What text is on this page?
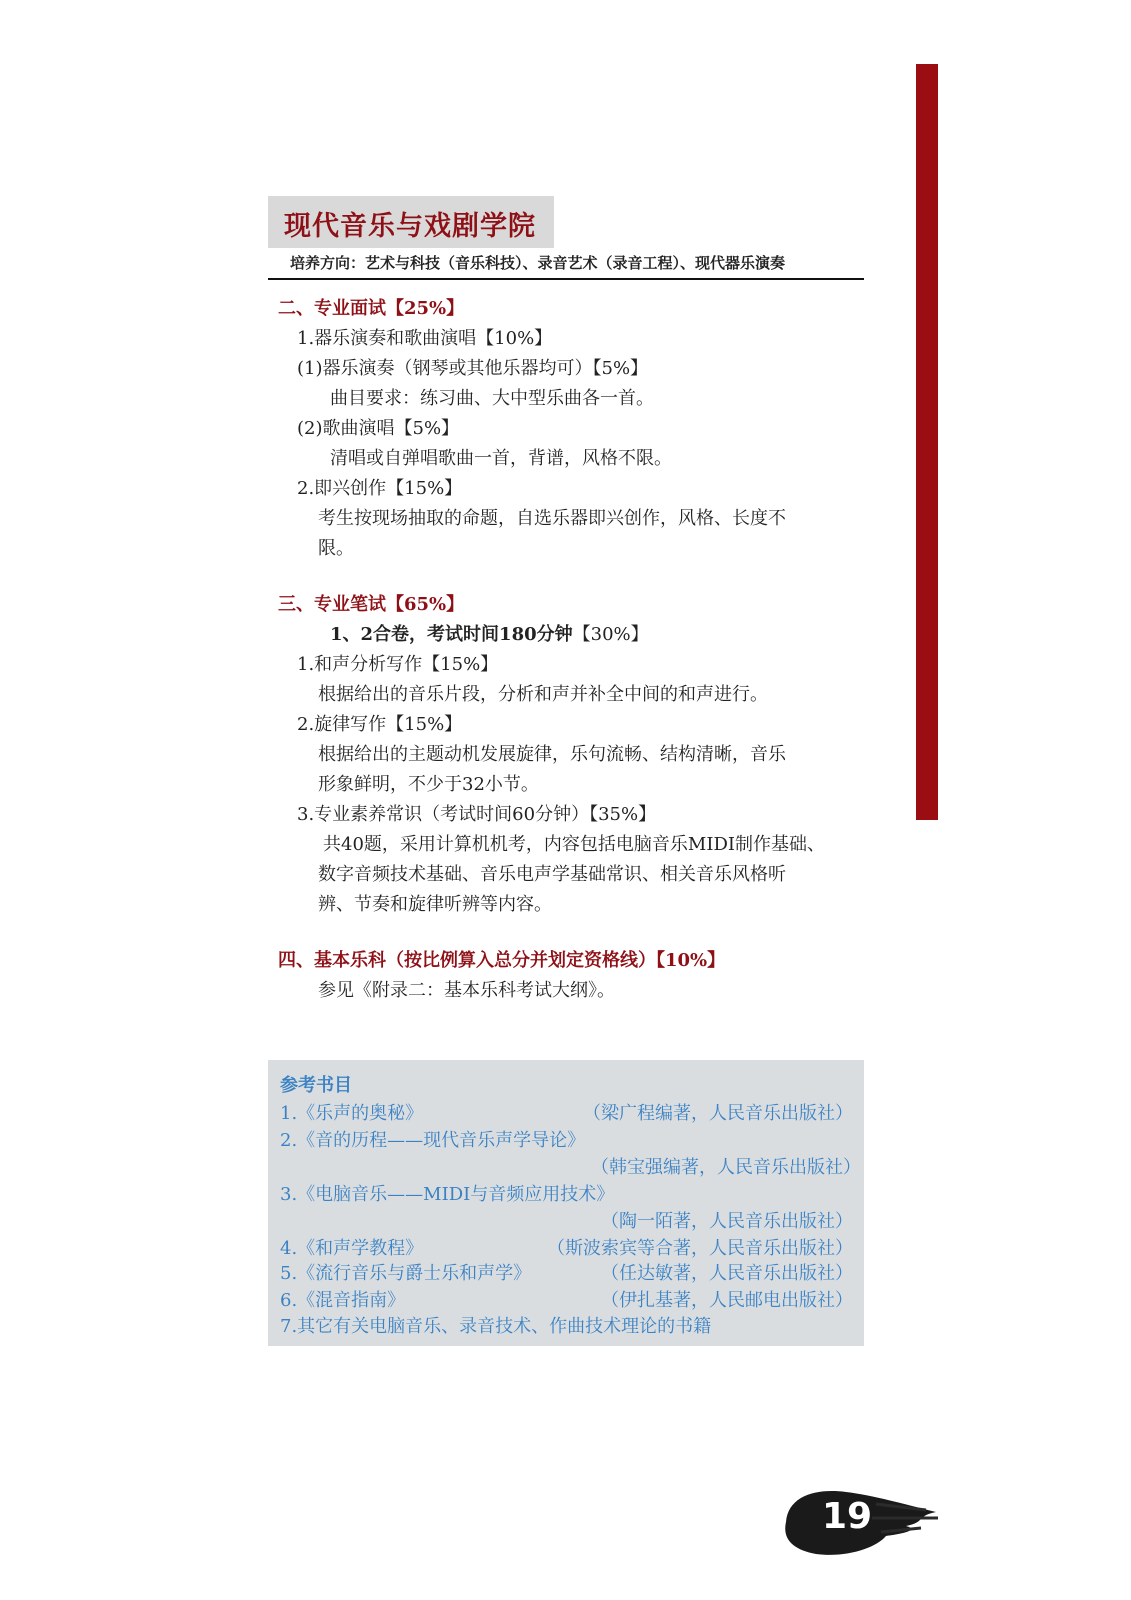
现代音乐与戏剧学院
培养方向：艺术与科技（音乐科技）、录音艺术（录音工程）、现代器乐演奏
二、专业面试【25%】
1.器乐演奏和歌曲演唱【10%】
(1)器乐演奏（钢琴或其他乐器均可）【5%】
曲目要求：练习曲、大中型乐曲各一首。
(2)歌曲演唱【5%】
清唱或自弹唱歌曲一首，背谱，风格不限。
2.即兴创作【15%】
考生按现场抽取的命题，自选乐器即兴创作，风格、长度不
限。
三、专业笔试【65%】
1、2合卷，考试时间180分钟【30%】
1.和声分析写作【15%】
根据给出的音乐片段，分析和声并补全中间的和声进行。
2.旋律写作【15%】
根据给出的主题动机发展旋律，乐句流畅、结构清晰，音乐
形象鲜明，不少于32小节。
3.专业素养常识（考试时间60分钟）【35%】
共40题，采用计算机机考，内容包括电脑音乐MIDI制作基础、
数字音频技术基础、音乐电声学基础常识、相关音乐风格听
辨、节奏和旋律听辨等内容。
四、基本乐科（按比例算入总分并划定资格线）【10%】
参见《附录二：基本乐科考试大纲》。
参考书目
1.《乐声的奥秘》	（梁广程编著，人民音乐出版社）
2.《音的历程——现代音乐声学导论》
（韩宝强编著，人民音乐出版社）
3.《电脑音乐——MIDI与音频应用技术》
（陶一陌著，人民音乐出版社）
4.《和声学教程》	（斯波索宾等合著，人民音乐出版社）
5.《流行音乐与爵士乐和声学》	（任达敏著，人民音乐出版社）
6.《混音指南》	（伊扎基著，人民邮电出版社）
7.其它有关电脑音乐、录音技术、作曲技术理论的书籍
19
